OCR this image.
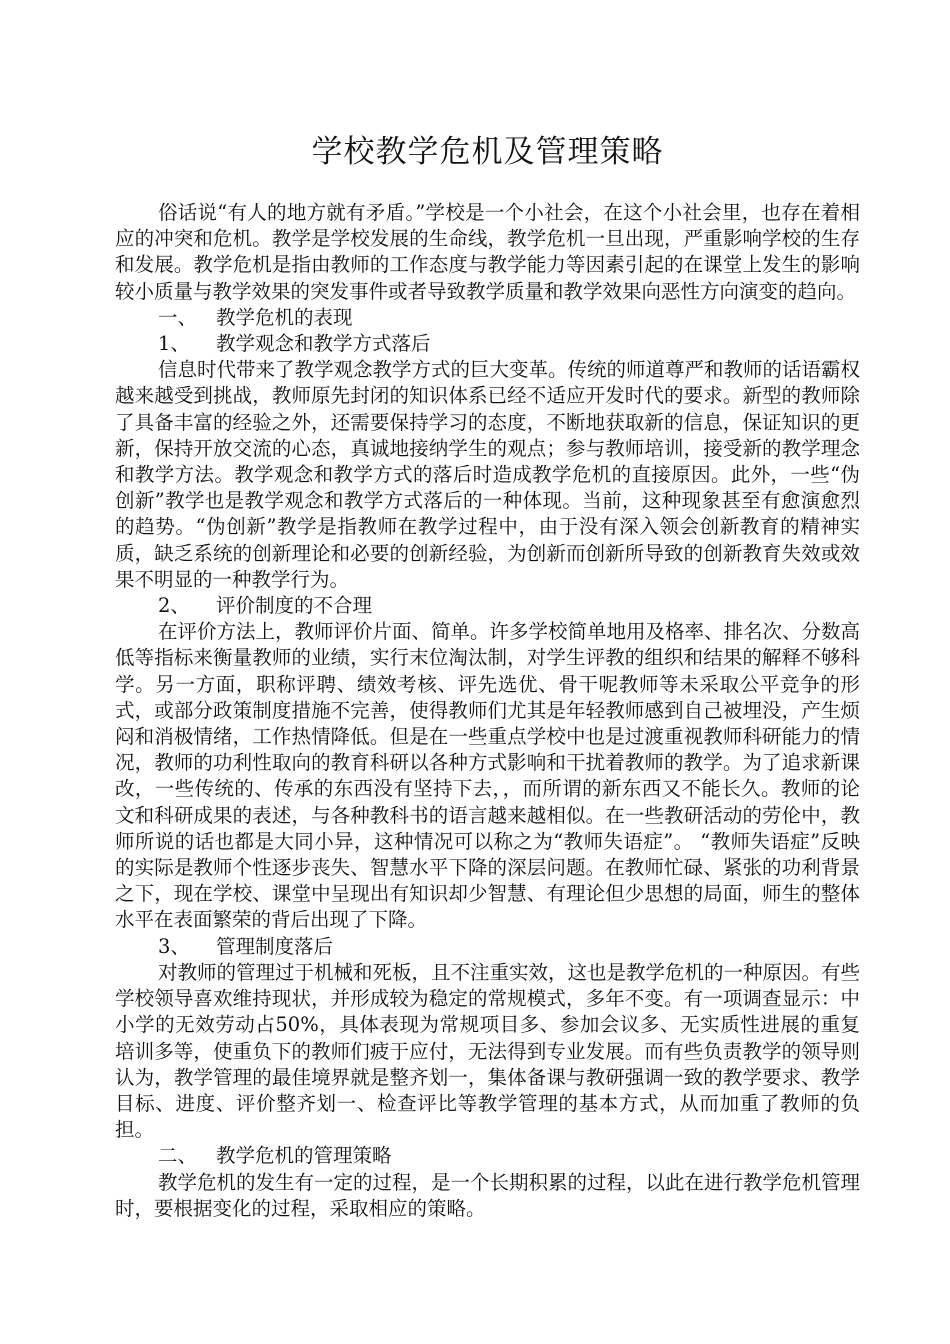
学校教学危机及管理策略

俗话说“有人的地方就有矛盾。”学校是一个小社会，在这个小社会里，也存在着相应的冲突和危机。教学是学校发展的生命线，教学危机一旦出现，严重影响学校的生存和发展。教学危机是指由教师的工作态度与教学能力等因素引起的在课堂上发生的影响较小质量与教学效果的突发事件或者导致教学质量和教学效果向恶性方向演变的趋向。

一、 教学危机的表现

1、 教学观念和教学方式落后

信息时代带来了教学观念教学方式的巨大变革。传统的师道尊严和教师的话语霸权越来越受到挑战，教师原先封闭的知识体系已经不适应开发时代的要求。新型的教师除了具备丰富的经验之外，还需要保持学习的态度，不断地获取新的信息，保证知识的更新，保持开放交流的心态，真诚地接纳学生的观点；参与教师培训，接受新的教学理念和教学方法。教学观念和教学方式的落后时造成教学危机的直接原因。此外，一些“伪创新”教学也是教学观念和教学方式落后的一种体现。当前，这种现象甚至有愈演愈烈的趋势。“伪创新”教学是指教师在教学过程中，由于没有深入领会创新教育的精神实质，缺乏系统的创新理论和必要的创新经验，为创新而创新所导致的创新教育失效或效果不明显的一种教学行为。

2、 评价制度的不合理

在评价方法上，教师评价片面、简单。许多学校简单地用及格率、排名次、分数高低等指标来衡量教师的业绩，实行末位淘汰制，对学生评教的组织和结果的解释不够科学。另一方面，职称评聘、绩效考核、评先选优、骨干呢教师等未采取公平竞争的形式，或部分政策制度措施不完善，使得教师们尤其是年轻教师感到自己被埋没，产生烦闷和消极情绪，工作热情降低。但是在一些重点学校中也是过渡重视教师科研能力的情况，教师的功利性取向的教育科研以各种方式影响和干扰着教师的教学。为了追求新课改，一些传统的、传承的东西没有坚持下去，，而所谓的新东西又不能长久。教师的论文和科研成果的表述，与各种教科书的语言越来越相似。在一些教研活动的劳伦中，教师所说的话也都是大同小异，这种情况可以称之为“教师失语症”。 “教师失语症”反映的实际是教师个性逐步丧失、智慧水平下降的深层问题。在教师忙碌、紧张的功利背景之下，现在学校、课堂中呈现出有知识却少智慧、有理论但少思想的局面，师生的整体水平在表面繁荣的背后出现了下降。

3、 管理制度落后

对教师的管理过于机械和死板，且不注重实效，这也是教学危机的一种原因。有些学校领导喜欢维持现状，并形成较为稳定的常规模式，多年不变。有一项调查显示：中小学的无效劳动占50%，具体表现为常规项目多、参加会议多、无实质性进展的重复培训多等，使重负下的教师们疲于应付，无法得到专业发展。而有些负责教学的领导则认为，教学管理的最佳境界就是整齐划一，集体备课与教研强调一致的教学要求、教学目标、进度、评价整齐划一、检查评比等教学管理的基本方式，从而加重了教师的负担。

二、 教学危机的管理策略

教学危机的发生有一定的过程，是一个长期积累的过程，以此在进行教学危机管理时，要根据变化的过程，采取相应的策略。
